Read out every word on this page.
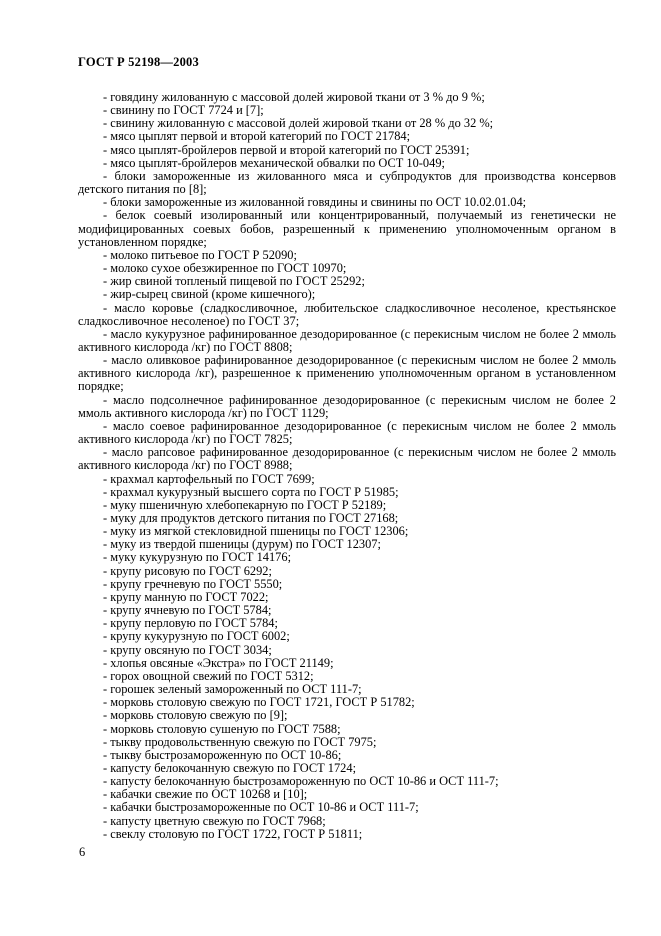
ГОСТ Р 52198—2003

- говядину жилованную с массовой долей жировой ткани от 3 % до 9 %;

- свинину по ГОСТ 7724 и [7];

- свинину жилованную с массовой долей жировой ткани от 28 % до 32 %;

- мясо цыплят первой и второй категорий по ГОСТ 21784;

- мясо цыплят-бройлеров первой и второй категорий по ГОСТ 25391;

- мясо цыплят-бройлеров механической обвалки по ОСТ 10-049;

- блоки замороженные из жилованного мяса и субпродуктов для производства консервов детского питания по [8];

- блоки замороженные из жилованной говядины и свинины по ОСТ 10.02.01.04;

- белок соевый изолированный или концентрированный, получаемый из генетически не модифицированных соевых бобов, разрешенный к применению уполномоченным органом в установленном порядке;

- молоко питьевое по ГОСТ Р 52090;

- молоко сухое обезжиренное по ГОСТ 10970;

- жир свиной топленый пищевой по ГОСТ 25292;

- жир-сырец свиной (кроме кишечного);

- масло коровье (сладкосливочное, любительское сладкосливочное несоленое, крестьянское сладкосливочное несоленое) по ГОСТ 37;

- масло кукурузное рафинированное дезодорированное (с перекисным числом не более 2 ммоль активного кислорода /кг) по ГОСТ 8808;

- масло оливковое рафинированное дезодорированное (с перекисным числом не более 2 ммоль активного кислорода /кг), разрешенное к применению уполномоченным органом в установленном порядке;

- масло подсолнечное рафинированное дезодорированное (с перекисным числом не более 2 ммоль активного кислорода /кг) по ГОСТ 1129;

- масло соевое рафинированное дезодорированное (с перекисным числом не более 2 ммоль активного кислорода /кг) по ГОСТ 7825;

- масло рапсовое рафинированное дезодорированное (с перекисным числом не более 2 ммоль активного кислорода /кг) по ГОСТ 8988;

- крахмал картофельный по ГОСТ 7699;

- крахмал кукурузный высшего сорта по ГОСТ Р 51985;

- муку пшеничную хлебопекарную по ГОСТ Р 52189;

- муку для продуктов детского питания по ГОСТ 27168;

- муку из мягкой стекловидной пшеницы по ГОСТ 12306;

- муку из твердой пшеницы (дурум) по ГОСТ 12307;

- муку кукурузную по ГОСТ 14176;

- крупу рисовую по ГОСТ 6292;

- крупу гречневую по ГОСТ 5550;

- крупу манную по ГОСТ 7022;

- крупу ячневую по ГОСТ 5784;

- крупу перловую по ГОСТ 5784;

- крупу кукурузную по ГОСТ 6002;

- крупу овсяную по ГОСТ 3034;

- хлопья овсяные «Экстра» по ГОСТ 21149;

- горох овощной свежий по ГОСТ 5312;

- горошек зеленый замороженный по ОСТ 111-7;

- морковь столовую свежую по ГОСТ 1721, ГОСТ Р 51782;

- морковь столовую свежую по [9];

- морковь столовую сушеную по ГОСТ 7588;

- тыкву продовольственную свежую по ГОСТ 7975;

- тыкву быстрозамороженную по ОСТ 10-86;

- капусту белокочанную свежую по ГОСТ 1724;

- капусту белокочанную быстрозамороженную по ОСТ 10-86 и ОСТ 111-7;

- кабачки свежие по ОСТ 10268 и [10];

- кабачки быстрозамороженные по ОСТ 10-86 и ОСТ 111-7;

- капусту цветную свежую по ГОСТ 7968;

- свеклу столовую по ГОСТ 1722, ГОСТ Р 51811;

6
